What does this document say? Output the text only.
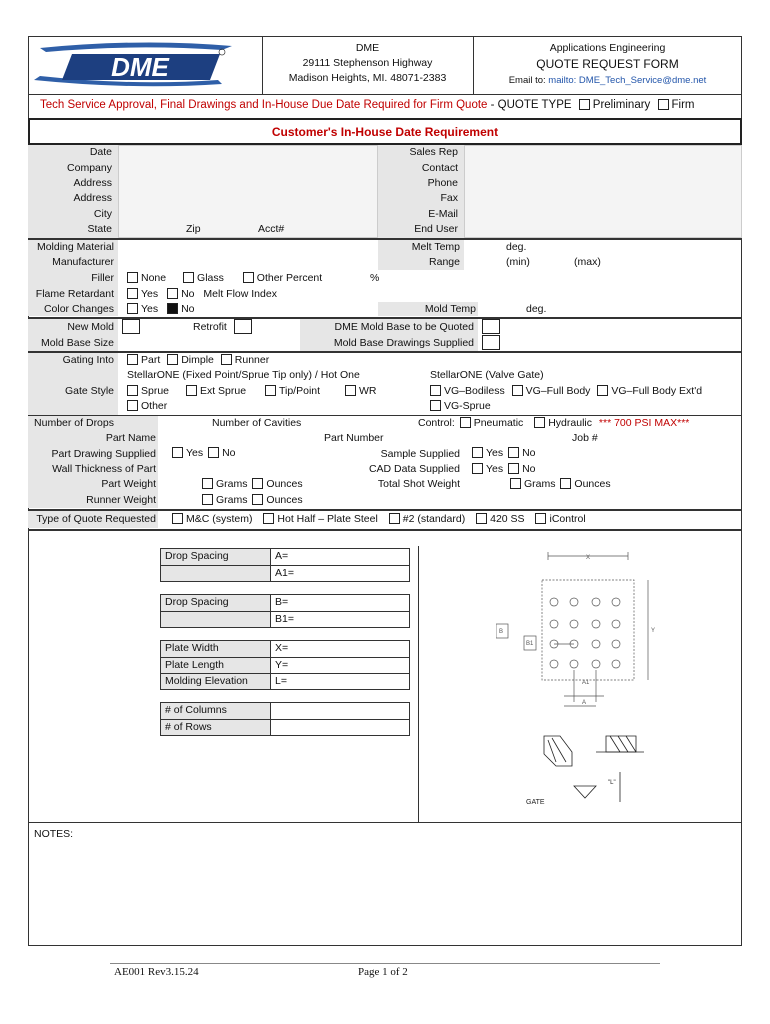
DME
DME
29111 Stephenson Highway
Madison Heights, MI. 48071-2383
Applications Engineering
QUOTE REQUEST FORM
Email to: mailto: DME_Tech_Service@dme.net
Tech Service Approval, Final Drawings and In-House Due Date Required for Firm Quote - QUOTE TYPE Preliminary Firm
Customer's In-House Date Requirement
Date
Company
Address
Address
City
State	Zip	Acct#
Sales Rep
Contact
Phone
Fax
E-Mail
End User
Molding Material
Manufacturer
Filler	None	Glass	Other Percent	%
Flame Retardant	Yes No Melt Flow Index
Color Changes	Yes No
Melt Temp	deg.
Range	(min)	(max)
Mold Temp	deg.
New Mold	Retrofit
Mold Base Size
DME Mold Base to be Quoted
Mold Base Drawings Supplied
Gating Into	Part Dimple Runner
StellarONE (Fixed Point/Sprue Tip only) / Hot One
Gate Style	Sprue	Ext Sprue	Tip/Point	WR
Other
StellarONE (Valve Gate)
VG–Bodiless VG–Full Body VG–Full Body Ext'd
VG-Sprue
Number of Drops	Number of Cavities	Control: Pneumatic Hydraulic *** 700 PSI MAX***
Part Name	Part Number	Job #
Part Drawing Supplied	Yes No
Wall Thickness of Part
Part Weight	Grams Ounces
Runner Weight	Grams Ounces
Sample Supplied	Yes No
CAD Data Supplied	Yes No
Total Shot Weight	Grams Ounces
Type of Quote Requested	M&C (system) Hot Half – Plate Steel #2 (standard) 420 SS iControl
Drop Spacing	A=
A1=
Drop Spacing	B=
B1=
Plate Width	X=
Plate Length	Y=
Molding Elevation	L=
# of Columns
# of Rows
X
Y
B
B1
A1
A
"L"
GATE
NOTES:
AE001 Rev3.15.24	Page 1 of 2
